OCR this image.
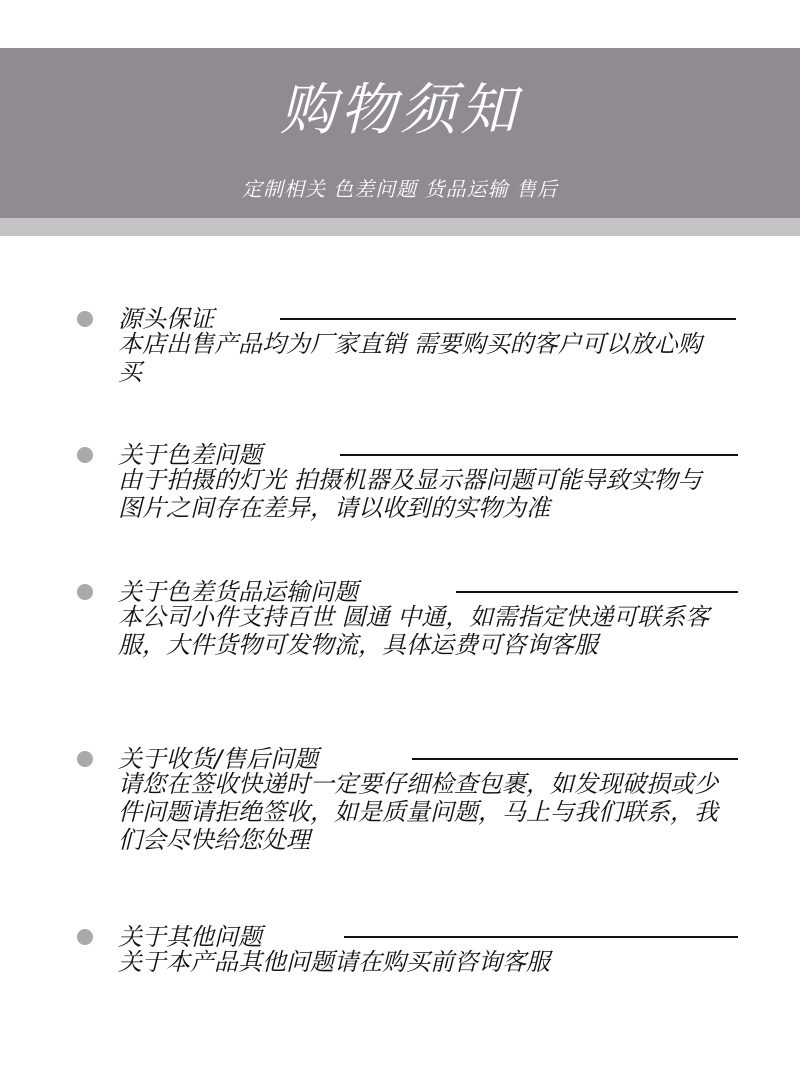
购物须知
定制相关 色差问题 货品运输 售后
源头保证

本店出售产品均为厂家直销 需要购买的客户可以放心购买

关于色差问题

由于拍摄的灯光 拍摄机器及显示器问题可能导致实物与图片之间存在差异，请以收到的实物为准

关于色差货品运输问题

本公司小件支持百世 圆通 中通，如需指定快递可联系客服，大件货物可发物流，具体运费可咨询客服

关于收货/售后问题

请您在签收快递时一定要仔细检查包裹，如发现破损或少件问题请拒绝签收，如是质量问题，马上与我们联系，我们会尽快给您处理

关于其他问题

关于本产品其他问题请在购买前咨询客服
